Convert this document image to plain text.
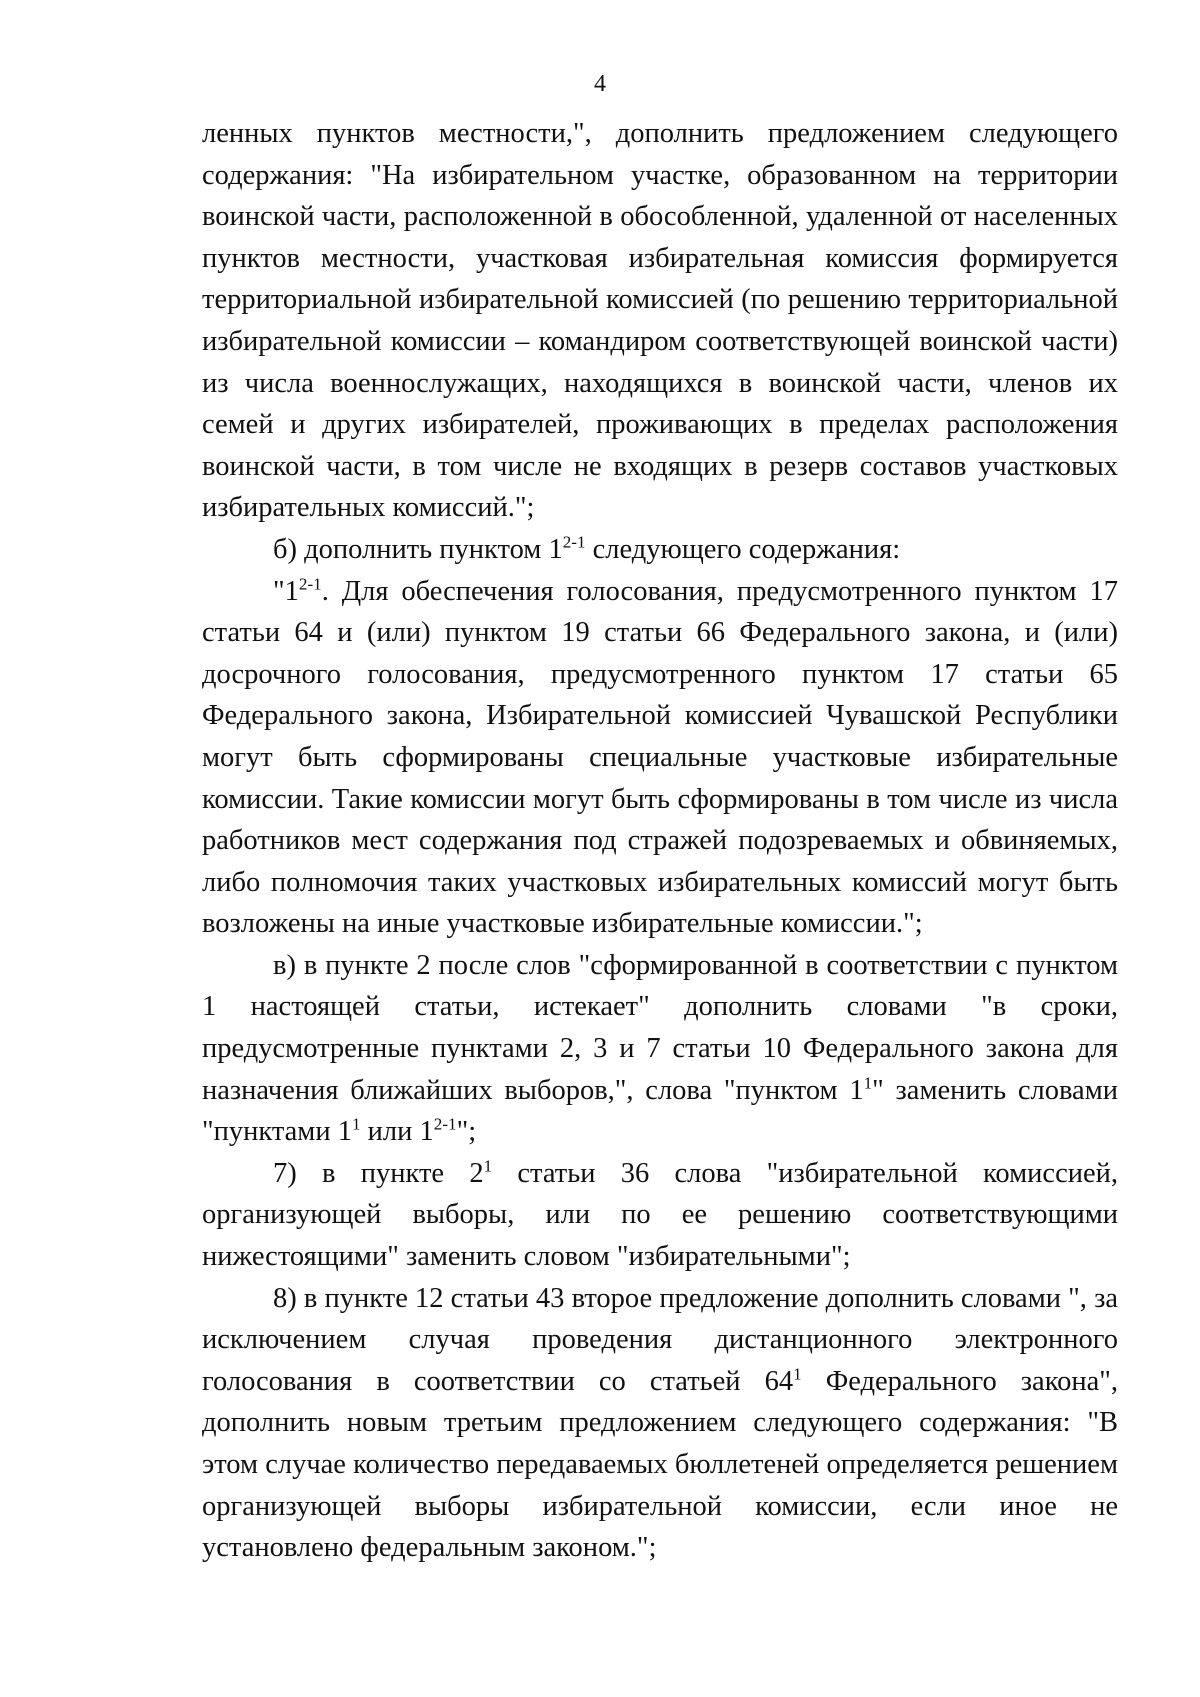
4

ленных пунктов местности,", дополнить предложением следующего содержания: "На избирательном участке, образованном на территории воинской части, расположенной в обособленной, удаленной от населенных пунктов местности, участковая избирательная комиссия формируется территориальной избирательной комиссией (по решению территориальной избирательной комиссии – командиром соответствующей воинской части) из числа военнослужащих, находящихся в воинской части, членов их семей и других избирателей, проживающих в пределах расположения воинской части, в том числе не входящих в резерв составов участковых избирательных комиссий.";

б) дополнить пунктом 1$^{2-1}$ следующего содержания:

"1$^{2-1}$. Для обеспечения голосования, предусмотренного пунктом 17 статьи 64 и (или) пунктом 19 статьи 66 Федерального закона, и (или) досрочного голосования, предусмотренного пунктом 17 статьи 65 Федерального закона, Избирательной комиссией Чувашской Республики могут быть сформированы специальные участковые избирательные комиссии. Такие комиссии могут быть сформированы в том числе из числа работников мест содержания под стражей подозреваемых и обвиняемых, либо полномочия таких участковых избирательных комиссий могут быть возложены на иные участковые избирательные комиссии.";

в) в пункте 2 после слов "сформированной в соответствии с пунктом 1 настоящей статьи, истекает" дополнить словами "в сроки, предусмотренные пунктами 2, 3 и 7 статьи 10 Федерального закона для назначения ближайших выборов,", слова "пунктом $1^1$" заменить словами "пунктами $1^1$ или 1$^{2-1}$";

7) в пункте $2^1$ статьи 36 слова "избирательной комиссией, организующей выборы, или по ее решению соответствующими нижестоящими" заменить словом "избирательными";

8) в пункте 12 статьи 43 второе предложение дополнить словами ", за исключением случая проведения дистанционного электронного голосования в соответствии со статьей $64^1$ Федерального закона", дополнить новым третьим предложением следующего содержания: "В этом случае количество передаваемых бюллетеней определяется решением организующей выборы избирательной комиссии, если иное не установлено федеральным законом.";
